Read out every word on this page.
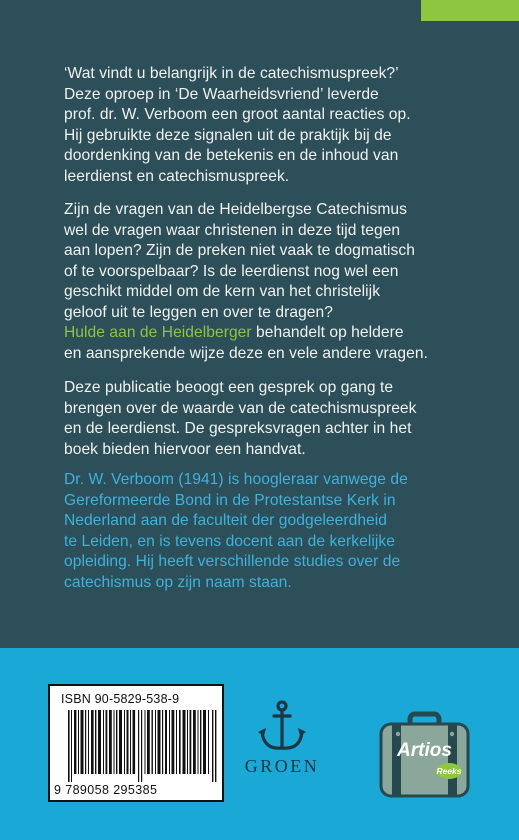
‘Wat vindt u belangrijk in de catechismuspreek?’
Deze oproep in ‘De Waarheidsvriend’ leverde
prof. dr. W. Verboom een groot aantal reacties op.
Hij gebruikte deze signalen uit de praktijk bij de
doordenking van de betekenis en de inhoud van
leerdienst en catechismuspreek.
Zijn de vragen van de Heidelbergse Catechismus
wel de vragen waar christenen in deze tijd tegen
aan lopen? Zijn de preken niet vaak te dogmatisch
of te voorspelbaar? Is de leerdienst nog wel een
geschikt middel om de kern van het christelijk
geloof uit te leggen en over te dragen?
Hulde aan de Heidelberger behandelt op heldere
en aansprekende wijze deze en vele andere vragen.
Deze publicatie beoogt een gesprek op gang te
brengen over de waarde van de catechismuspreek
en de leerdienst. De gespreksvragen achter in het
boek bieden hiervoor een handvat.
Dr. W. Verboom (1941) is hoogleraar vanwege de
Gereformeerde Bond in de Protestantse Kerk in
Nederland aan de faculteit der godgeleerdheid
te Leiden, en is tevens docent aan de kerkelijke
opleiding. Hij heeft verschillende studies over de
catechismus op zijn naam staan.
ISBN 90-5829-538-9
9 789058 295385
GROEN
Artios
Reeks
